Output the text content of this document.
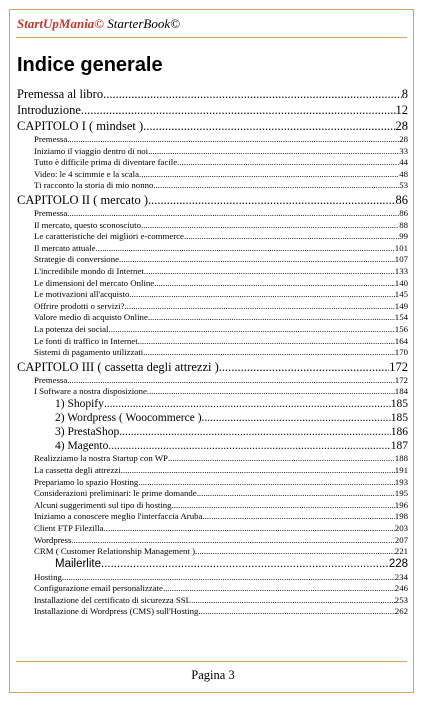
StartUpMania© StarterBook©
Indice generale
Premessa al libro .....	8
Introduzione .....	12
CAPITOLO I ( mindset ) .....	28
Premessa .....	28
Iniziamo il viaggio dentro di noi .....	33
Tutto è difficile prima di diventare facile .....	44
Video: le 4 scimmie e la scala .....	48
Ti racconto la storia di mio nonno .....	53
CAPITOLO II ( mercato ) .....	86
Premessa .....	86
Il mercato, questo sconosciuto .....	88
Le caratteristiche dei migliori e-commerce .....	99
Il mercato attuale .....	101
Strategie di conversione .....	107
L'incredibile mondo di Internet .....	133
Le dimensioni del mercato Online .....	140
Le motivazioni all'acquisto .....	145
Offrire prodotti o servizi? .....	149
Valore medio di acquisto Online .....	154
La potenza dei social .....	156
Le fonti di traffico in Internet .....	164
Sistemi di pagamento utilizzati .....	170
CAPITOLO III ( cassetta degli attrezzi ) .....	172
Premessa .....	172
I Software a nostra disposizione .....	184
1) Shopify .....	185
2) Wordpress ( Woocommerce ) .....	185
3) PrestaShop .....	186
4) Magento .....	187
Realizziamo la nostra Startup con WP .....	188
La cassetta degli attrezzi .....	191
Prepariamo lo spazio Hosting .....	193
Considerazioni preliminari: le prime domande .....	195
Alcuni suggerimenti sul tipo di hosting .....	196
Iniziamo a conoscere meglio l'interfaccia Aruba .....	198
Client FTP Filezilla .....	203
Wordpress .....	207
CRM ( Customer Relationship Management ) .....	221
Mailerlite .....	228
Hosting .....	234
Configurazione email personalizzate .....	246
Installazione del certificato di sicurezza SSL .....	253
Installazione di Wordpress (CMS) sull'Hosting .....	262
Pagina 3
